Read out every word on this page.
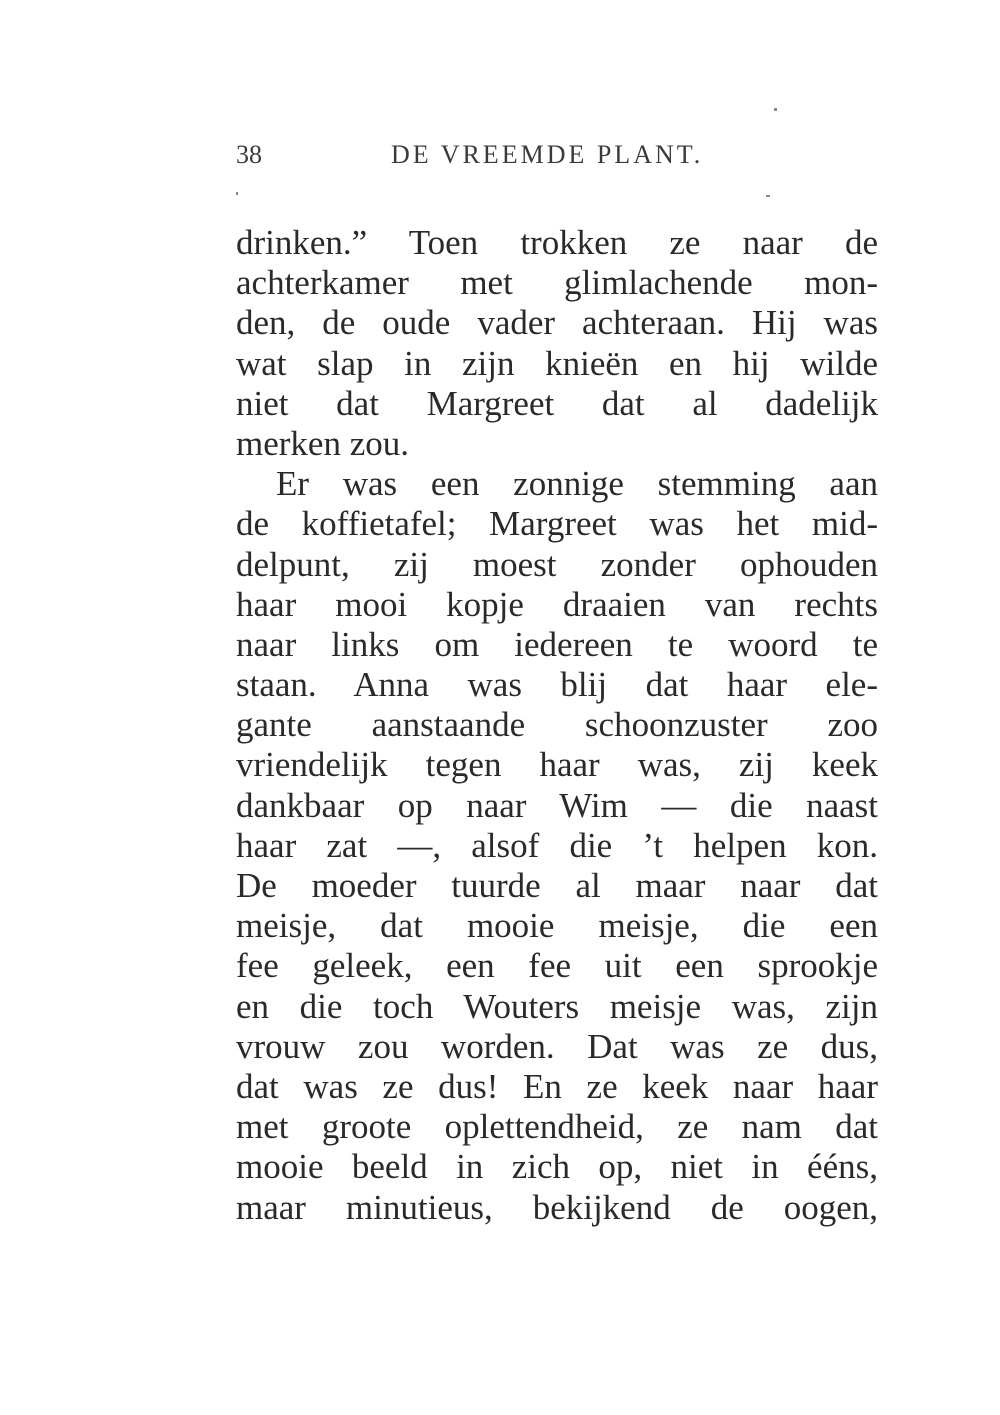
38	DE VREEMDE PLANT.
drinken.” Toen trokken ze naar de
achterkamer met glimlachende mon-
den, de oude vader achteraan. Hij was
wat slap in zijn knieën en hij wilde
niet dat Margreet dat al dadelijk
merken zou.
Er was een zonnige stemming aan
de koffietafel; Margreet was het mid-
delpunt, zij moest zonder ophouden
haar mooi kopje draaien van rechts
naar links om iedereen te woord te
staan. Anna was blij dat haar ele-
gante aanstaande schoonzuster zoo
vriendelijk tegen haar was, zij keek
dankbaar op naar Wim — die naast
haar zat —, alsof die ’t helpen kon.
De moeder tuurde al maar naar dat
meisje, dat mooie meisje, die een
fee geleek, een fee uit een sprookje
en die toch Wouters meisje was, zijn
vrouw zou worden. Dat was ze dus,
dat was ze dus! En ze keek naar haar
met groote oplettendheid, ze nam dat
mooie beeld in zich op, niet in ééns,
maar minutieus, bekijkend de oogen,
